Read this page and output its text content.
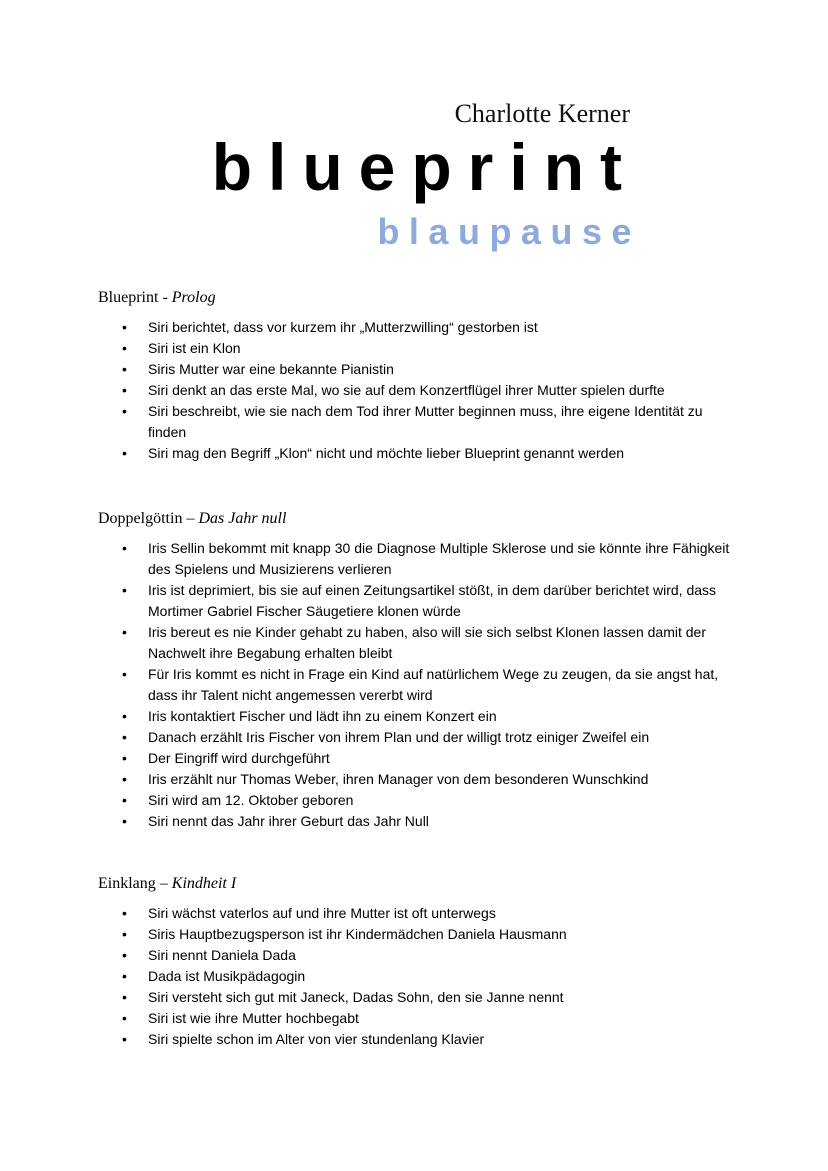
Charlotte Kerner
blueprint
blaupause
Blueprint - Prolog
• Siri berichtet, dass vor kurzem ihr „Mutterzwilling“ gestorben ist
• Siri ist ein Klon
• Siris Mutter war eine bekannte Pianistin
• Siri denkt an das erste Mal, wo sie auf dem Konzertflügel ihrer Mutter spielen durfte
• Siri beschreibt, wie sie nach dem Tod ihrer Mutter beginnen muss, ihre eigene Identität zu finden
• Siri mag den Begriff „Klon“ nicht und möchte lieber Blueprint genannt werden
Doppelgöttin – Das Jahr null
• Iris Sellin bekommt mit knapp 30 die Diagnose Multiple Sklerose und sie könnte ihre Fähigkeit des Spielens und Musizierens verlieren
• Iris ist deprimiert, bis sie auf einen Zeitungsartikel stößt, in dem darüber berichtet wird, dass Mortimer Gabriel Fischer Säugetiere klonen würde
• Iris bereut es nie Kinder gehabt zu haben, also will sie sich selbst Klonen lassen damit der Nachwelt ihre Begabung erhalten bleibt
• Für Iris kommt es nicht in Frage ein Kind auf natürlichem Wege zu zeugen, da sie angst hat, dass ihr Talent nicht angemessen vererbt wird
• Iris kontaktiert Fischer und lädt ihn zu einem Konzert ein
• Danach erzählt Iris Fischer von ihrem Plan und der willigt trotz einiger Zweifel ein
• Der Eingriff wird durchgeführt
• Iris erzählt nur Thomas Weber, ihren Manager von dem besonderen Wunschkind
• Siri wird am 12. Oktober geboren
• Siri nennt das Jahr ihrer Geburt das Jahr Null
Einklang – Kindheit I
• Siri wächst vaterlos auf und ihre Mutter ist oft unterwegs
• Siris Hauptbezugsperson ist ihr Kindermädchen Daniela Hausmann
• Siri nennt Daniela Dada
• Dada ist Musikpädagogin
• Siri versteht sich gut mit Janeck, Dadas Sohn, den sie Janne nennt
• Siri ist wie ihre Mutter hochbegabt
• Siri spielte schon im Alter von vier stundenlang Klavier
